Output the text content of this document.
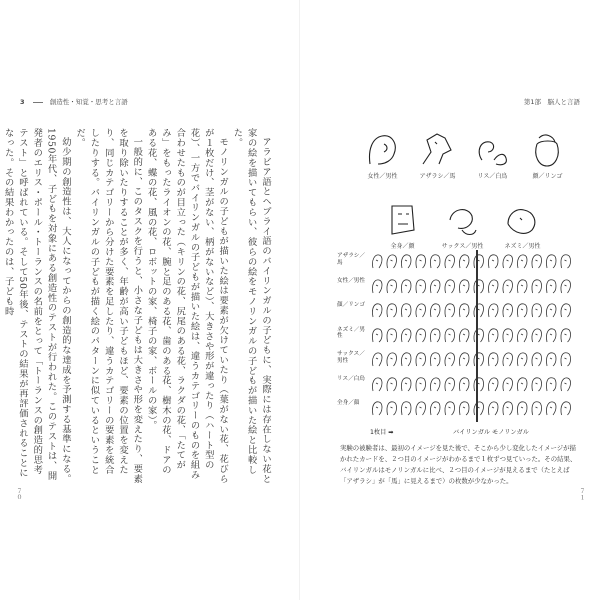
3	創造性・知覚・思考と言語

アラビア語とヘブライ語のバイリンガルの子どもに、実際には存在しない花と家の絵を描いてもらい、彼らの絵をモノリンガルの子どもが描いた絵と比較した。

モノリンガルの子どもが描いた絵は要素が欠けていたり（葉がない花、花びらが１枚だけ、茎がない、柄がないなど）、大きさや形が違ったり（ハート型の花）、一方でバイリンガルの子どもが描いた絵は、違うカテゴリーのものを組み合わせたものが目立った（キリンの花、尻尾のある花、ラクダの花、「たてがみ」をもったライオンの花、腕と足のある花、歯のある花、樹木の花、ドアのある花、蝶の花、風の花、ロボットの家、椅子の家、ボールの家）。

一般的に、このタスクを行うと、小さな子どもは大きさや形を変えたり、要素を取り除いたりすることが多く、年齢が高い子どもほど、要素の位置を変えたり、同じカテゴリーから分けた要素を足したり、違うカテゴリーの要素を統合したりする。バイリンガルの子どもが描く絵のパターンに似ているということだ。

幼少期の創造性は、大人になってからの創造的な達成を予測する基準になる。1950年代、子どもを対象にある創造性のテストが行われた。このテストは、開発者のエリス・ポール・トーランスの名前をとって「トーランスの創造的思考テスト」と呼ばれている。そして50年後、テストの結果が再評価されることになった。その結果わかったのは、子ども時

７０
第1部　脳人と言語
女性／男性	アザラシ／馬	リス／白鳥	顔／リンゴ
全身／顔	サックス／男性	ネズミ／男性
アザラシ／馬
女性／男性
顔／リンゴ
ネズミ／男性
サックス／男性
リス／白鳥
全身／顔
1枚目 ➡	バイリンガル モノリンガル
実験の被験者は、最初のイメージを見た後で、そこから少し変化したイメージが描かれたカードを、２つ目のイメージがわかるまで１枚ずつ見ていった。その結果、バイリンガルはモノリンガルに比べ、２つ目のイメージが見えるまで（たとえば「アザラシ」が「馬」に見えるまで）の枚数が少なかった。
７１
